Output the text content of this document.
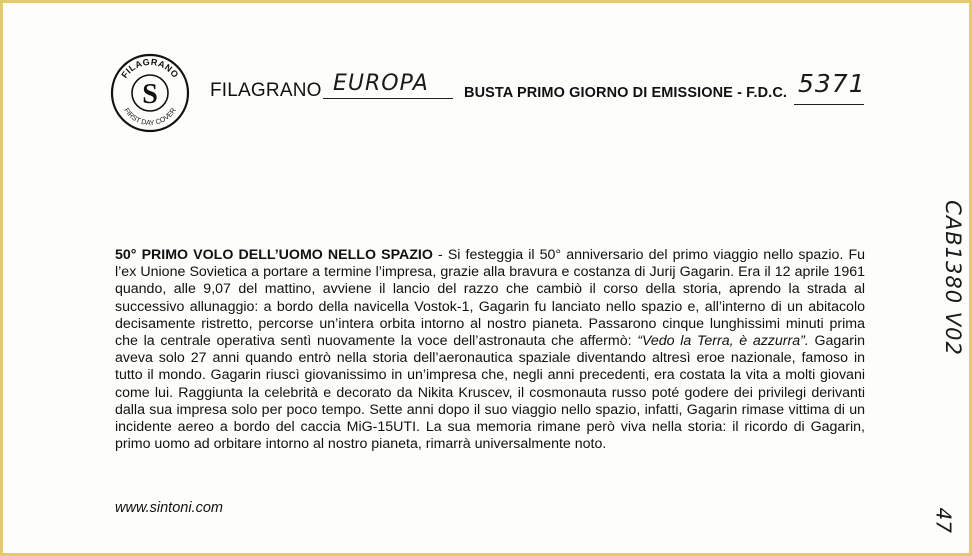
FILAGRANO
S
FIRST DAY COVER
FILAGRANO EUROPA BUSTA PRIMO GIORNO DI EMISSIONE - F.D.C. 5371
CAB1380 V02
47
50° PRIMO VOLO DELL’UOMO NELLO SPAZIO - Si festeggia il 50° anniversario del primo viaggio nello spazio. Fu l’ex Unione Sovietica a portare a termine l’impresa, grazie alla bravura e costanza di Jurij Gagarin. Era il 12 aprile 1961 quando, alle 9,07 del mattino, avviene il lancio del razzo che cambiò il corso della storia, aprendo la strada al successivo allunaggio: a bordo della navicella Vostok-1, Gagarin fu lanciato nello spazio e, all’interno di un abitacolo decisamente ristretto, percorse un’intera orbita intorno al nostro pianeta. Passarono cinque lunghissimi minuti prima che la centrale operativa sentì nuovamente la voce dell’astronauta che affermò: “Vedo la Terra, è azzurra”. Gagarin aveva solo 27 anni quando entrò nella storia dell’aeronautica spaziale diventando altresì eroe nazionale, famoso in tutto il mondo. Gagarin riuscì giovanissimo in un’impresa che, negli anni precedenti, era costata la vita a molti giovani come lui. Raggiunta la celebrità e decorato da Nikita Kruscev, il cosmonauta russo poté godere dei privilegi derivanti dalla sua impresa solo per poco tempo. Sette anni dopo il suo viaggio nello spazio, infatti, Gagarin rimase vittima di un incidente aereo a bordo del caccia MiG-15UTI. La sua memoria rimane però viva nella storia: il ricordo di Gagarin, primo uomo ad orbitare intorno al nostro pianeta, rimarrà universalmente noto.
www.sintoni.com
